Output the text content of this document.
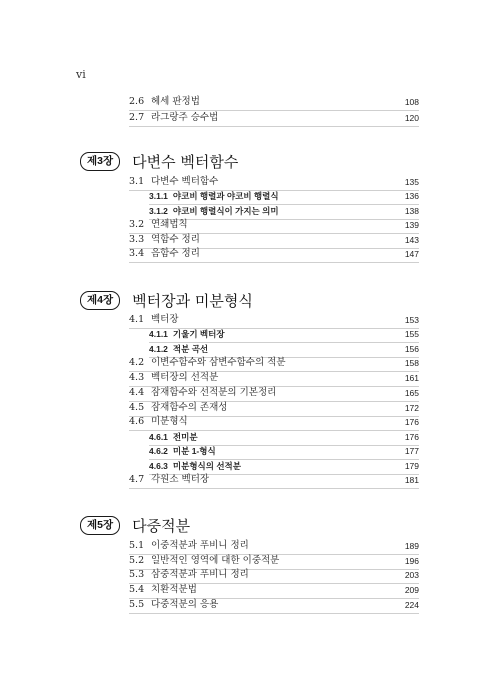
vi
2.6 헤세 판정법	108
2.7 라그랑주 승수법	120
제3장	다변수 벡터함수
3.1 다변수 벡터함수	135
3.1.1 야코비 행렬과 야코비 행렬식	136
3.1.2 야코비 행렬식이 가지는 의미	138
3.2 연쇄법칙	139
3.3 역함수 정리	143
3.4 음함수 정리	147
제4장	벡터장과 미분형식
4.1 벡터장	153
4.1.1 기울기 벡터장	155
4.1.2 적분 곡선	156
4.2 이변수함수와 삼변수함수의 적분	158
4.3 벡터장의 선적분	161
4.4 잠재함수와 선적분의 기본정리	165
4.5 잠재함수의 존재성	172
4.6 미분형식	176
4.6.1 전미분	176
4.6.2 미분 1-형식	177
4.6.3 미분형식의 선적분	179
4.7 각원소 벡터장	181
제5장	다중적분
5.1 이중적분과 푸비니 정리	189
5.2 일반적인 영역에 대한 이중적분	196
5.3 삼중적분과 푸비니 정리	203
5.4 치환적분법	209
5.5 다중적분의 응용	224
